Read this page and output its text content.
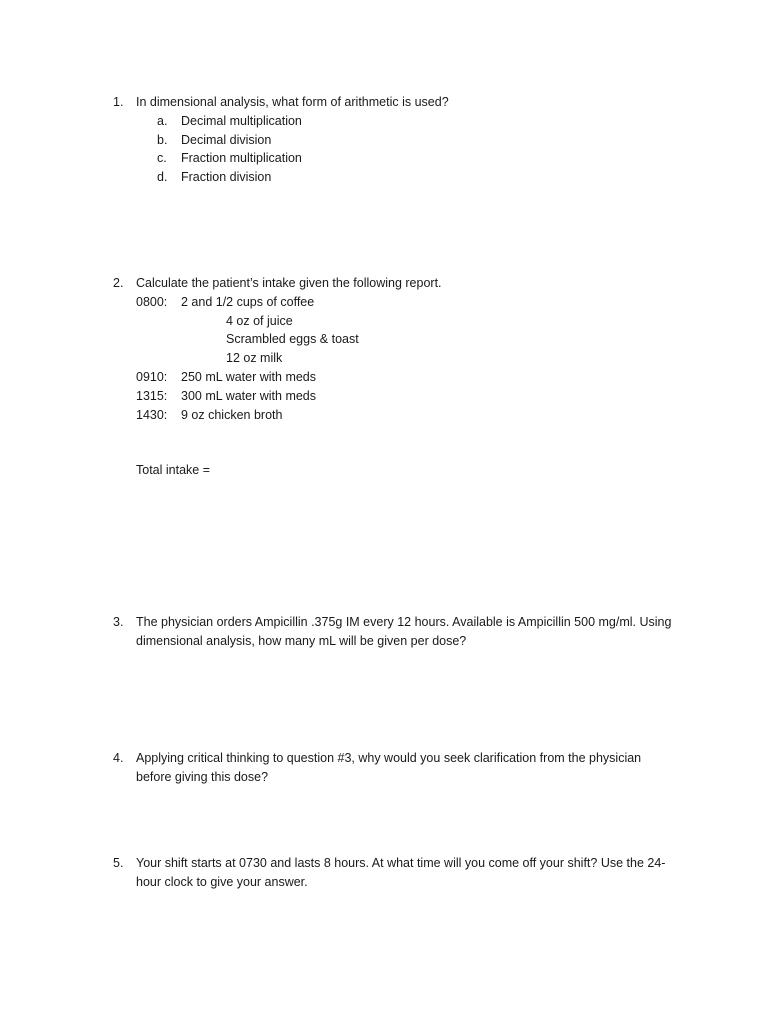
1. In dimensional analysis, what form of arithmetic is used?
a. Decimal multiplication
b. Decimal division
c. Fraction multiplication
d. Fraction division
2. Calculate the patient’s intake given the following report.
0800: 2 and 1/2 cups of coffee
4 oz of juice
Scrambled eggs & toast
12 oz milk
0910: 250 mL water with meds
1315: 300 mL water with meds
1430: 9 oz chicken broth
Total intake =
3. The physician orders Ampicillin .375g IM every 12 hours. Available is Ampicillin 500 mg/ml. Using
dimensional analysis, how many mL will be given per dose?
4. Applying critical thinking to question #3, why would you seek clarification from the physician
before giving this dose?
5. Your shift starts at 0730 and lasts 8 hours. At what time will you come off your shift? Use the 24-
hour clock to give your answer.
